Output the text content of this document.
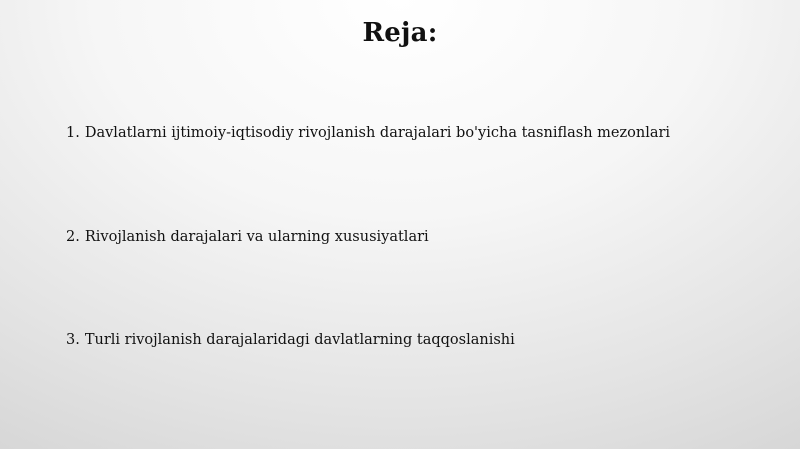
Reja:
1. Davlatlarni ijtimoiy-iqtisodiy rivojlanish darajalari bo'yicha tasniflash mezonlari
2. Rivojlanish darajalari va ularning xususiyatlari
3. Turli rivojlanish darajalaridagi davlatlarning taqqoslanishi
